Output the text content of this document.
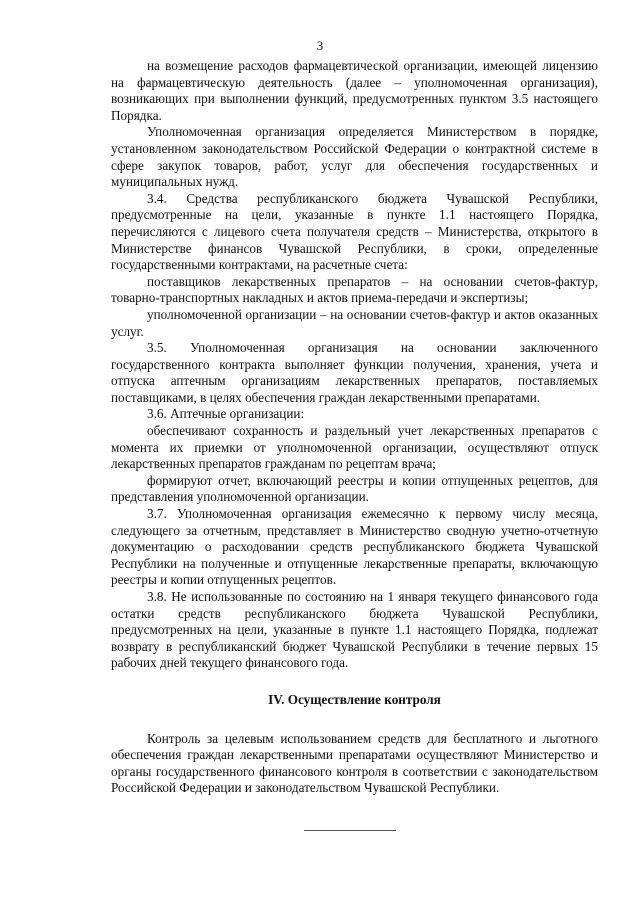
3

на возмещение расходов фармацевтической организации, имеющей лицензию на фармацевтическую деятельность (далее – уполномоченная организация), возникающих при выполнении функций, предусмотренных пунктом 3.5 настоящего Порядка.

Уполномоченная организация определяется Министерством в порядке, установленном законодательством Российской Федерации о контрактной системе в сфере закупок товаров, работ, услуг для обеспечения государственных и муниципальных нужд.

3.4. Средства республиканского бюджета Чувашской Республики, предусмотренные на цели, указанные в пункте 1.1 настоящего Порядка, перечисляются с лицевого счета получателя средств – Министерства, открытого в Министерстве финансов Чувашской Республики, в сроки, определенные государственными контрактами, на расчетные счета:

поставщиков лекарственных препаратов – на основании счетов-фактур, товарно-транспортных накладных и актов приема-передачи и экспертизы;

уполномоченной организации – на основании счетов-фактур и актов оказанных услуг.

3.5. Уполномоченная организация на основании заключенного государственного контракта выполняет функции получения, хранения, учета и отпуска аптечным организациям лекарственных препаратов, поставляемых поставщиками, в целях обеспечения граждан лекарственными препаратами.

3.6. Аптечные организации:

обеспечивают сохранность и раздельный учет лекарственных препаратов с момента их приемки от уполномоченной организации, осуществляют отпуск лекарственных препаратов гражданам по рецептам врача;

формируют отчет, включающий реестры и копии отпущенных рецептов, для представления уполномоченной организации.

3.7. Уполномоченная организация ежемесячно к первому числу месяца, следующего за отчетным, представляет в Министерство сводную учетно-отчетную документацию о расходовании средств республиканского бюджета Чувашской Республики на полученные и отпущенные лекарственные препараты, включающую реестры и копии отпущенных рецептов.

3.8. Не использованные по состоянию на 1 января текущего финансового года остатки средств республиканского бюджета Чувашской Республики, предусмотренных на цели, указанные в пункте 1.1 настоящего Порядка, подлежат возврату в республиканский бюджет Чувашской Республики в течение первых 15 рабочих дней текущего финансового года.

IV. Осуществление контроля

Контроль за целевым использованием средств для бесплатного и льготного обеспечения граждан лекарственными препаратами осуществляют Министерство и органы государственного финансового контроля в соответствии с законодательством Российской Федерации и законодательством Чувашской Республики.
